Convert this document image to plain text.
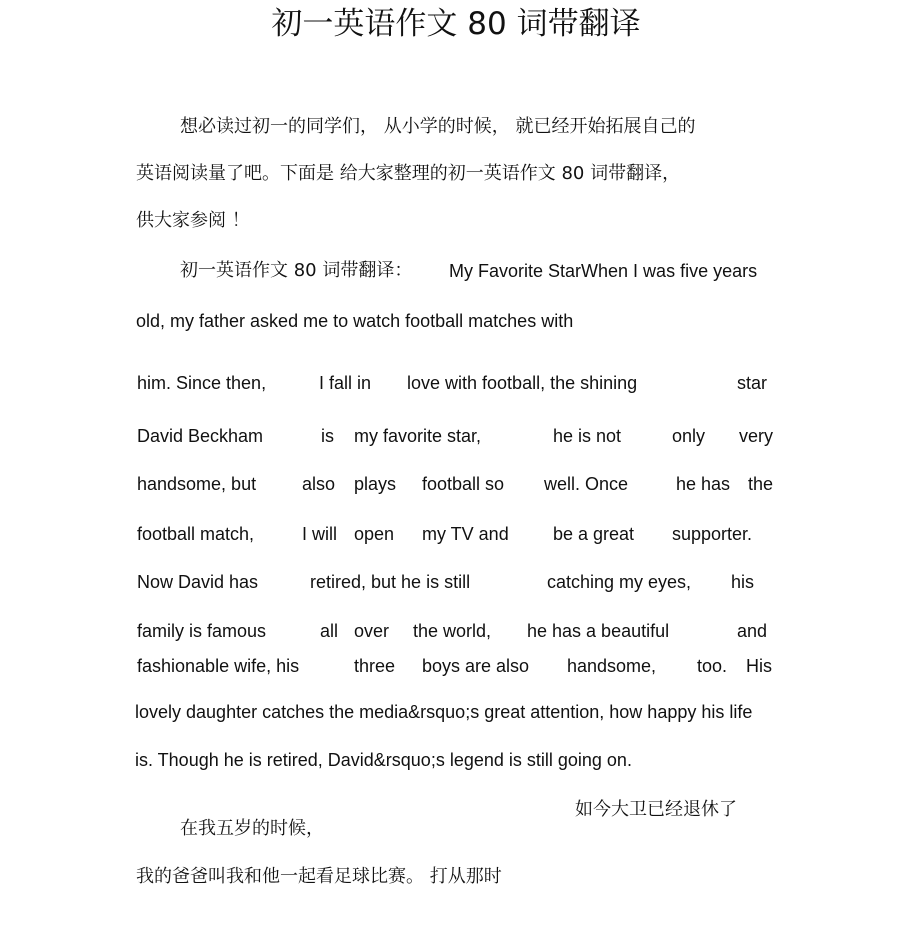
初一英语作文 80 词带翻译
想必读过初一的同学们， 从小学的时候， 就已经开始拓展自己的
英语阅读量了吧。下面是 给大家整理的初一英语作文 80 词带翻译，
供大家参阅 ！
初一英语作文 80 词带翻译： My Favorite StarWhen I was five years
old, my father asked me to watch football matches with
him. Since then,	I fall in love with football, the shining	star
David Beckham	is my favorite star,	he is not	only very
handsome, but	also plays football so well. Once	he has the
football match,	I will open my TV and be a great supporter.
Now David has	retired, but he is still	catching my eyes, his
family is famous	all over the world, he has a beautiful	and
fashionable wife, his	three boys are also handsome, too. His
lovely daughter catches the media&rsquo;s great attention, how happy his life
is. Though he is retired, David&rsquo;s legend is still going on.
如今大卫已经退休了
在我五岁的时候，
我的爸爸叫我和他一起看足球比赛。 打从那时
